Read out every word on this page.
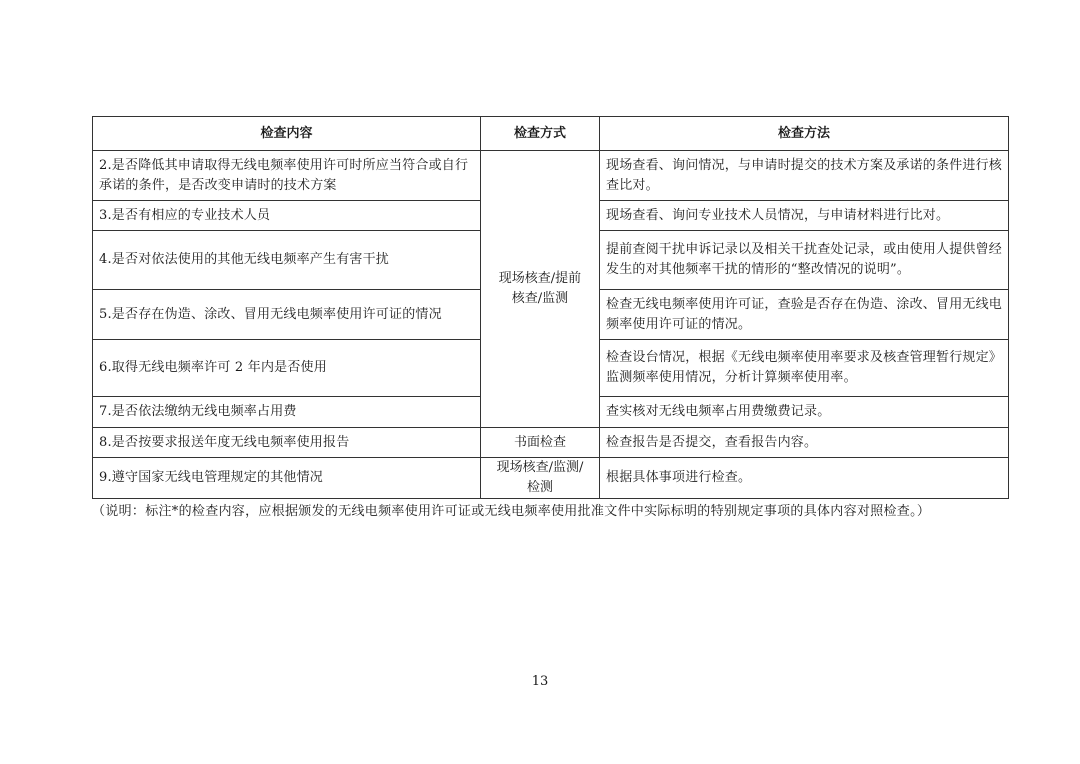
检查内容	检查方式	检查方法
2.是否降低其申请取得无线电频率使用许可时所应当符合或自行承诺的条件，是否改变申请时的技术方案	现场核查/提前核查/监测	现场查看、询问情况，与申请时提交的技术方案及承诺的条件进行核查比对。
3.是否有相应的专业技术人员		现场查看、询问专业技术人员情况，与申请材料进行比对。
4.是否对依法使用的其他无线电频率产生有害干扰		提前查阅干扰申诉记录以及相关干扰查处记录，或由使用人提供曾经发生的对其他频率干扰的情形的“整改情况的说明”。
5.是否存在伪造、涂改、冒用无线电频率使用许可证的情况		检查无线电频率使用许可证，查验是否存在伪造、涂改、冒用无线电频率使用许可证的情况。
6.取得无线电频率许可 2 年内是否使用		检查设台情况，根据《无线电频率使用率要求及核查管理暂行规定》监测频率使用情况，分析计算频率使用率。
7.是否依法缴纳无线电频率占用费		查实核对无线电频率占用费缴费记录。
8.是否按要求报送年度无线电频率使用报告	书面检查	检查报告是否提交，查看报告内容。
9.遵守国家无线电管理规定的其他情况	现场核查/监测/检测	根据具体事项进行检查。
（说明：标注*的检查内容，应根据颁发的无线电频率使用许可证或无线电频率使用批准文件中实际标明的特别规定事项的具体内容对照检查。）
13
